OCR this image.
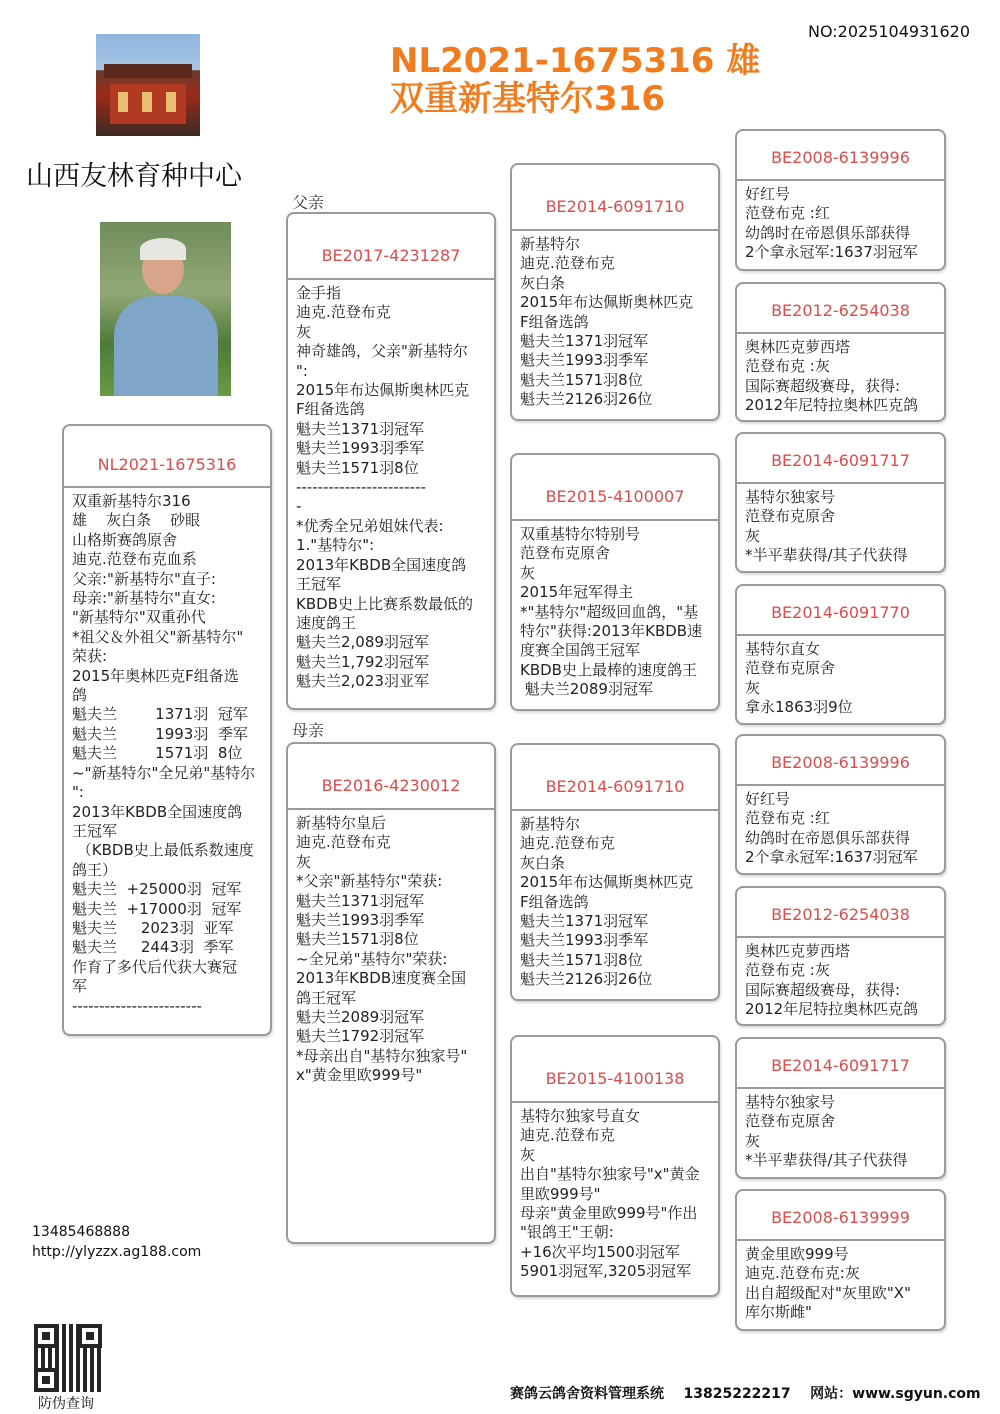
NO:2025104931620
NL2021-1675316 雄
双重新基特尔316
山西友林育种中心
NL2021-1675316
双重新基特尔316
雄    灰白条    砂眼
山格斯赛鸽原舍
迪克.范登布克血系
父亲:"新基特尔"直子:
母亲:"新基特尔"直女:
"新基特尔"双重孙代
*祖父＆外祖父"新基特尔"
荣获:
2015年奥林匹克F组备选
鸽
魁夫兰        1371羽  冠军
魁夫兰        1993羽  季军
魁夫兰        1571羽  8位
~"新基特尔"全兄弟"基特尔
":
2013年KBDB全国速度鸽
王冠军
（KBDB史上最低系数速度
鸽王）
魁夫兰  +25000羽  冠军
魁夫兰  +17000羽  冠军
魁夫兰     2023羽  亚军
魁夫兰     2443羽  季军
作育了多代后代获大赛冠
军
------------------------
父亲
BE2017-4231287
金手指
迪克.范登布克
灰
神奇雄鸽，父亲"新基特尔
":
2015年布达佩斯奥林匹克
F组备选鸽
魁夫兰1371羽冠军
魁夫兰1993羽季军
魁夫兰1571羽8位
------------------------
-
*优秀全兄弟姐妹代表:
1."基特尔":
2013年KBDB全国速度鸽
王冠军
KBDB史上比赛系数最低的
速度鸽王
魁夫兰2,089羽冠军
魁夫兰1,792羽冠军
魁夫兰2,023羽亚军
母亲
BE2016-4230012
新基特尔皇后
迪克.范登布克
灰
*父亲"新基特尔"荣获:
魁夫兰1371羽冠军
魁夫兰1993羽季军
魁夫兰1571羽8位
~全兄弟"基特尔"荣获:
2013年KBDB速度赛全国
鸽王冠军
魁夫兰2089羽冠军
魁夫兰1792羽冠军
*母亲出自"基特尔独家号"
x"黄金里欧999号"
BE2014-6091710
新基特尔
迪克.范登布克
灰白条
2015年布达佩斯奥林匹克
F组备选鸽
魁夫兰1371羽冠军
魁夫兰1993羽季军
魁夫兰1571羽8位
魁夫兰2126羽26位
BE2015-4100007
双重基特尔特别号
范登布克原舍
灰
2015年冠军得主
*"基特尔"超级回血鸽，"基
特尔"获得:2013年KBDB速
度赛全国鸽王冠军
KBDB史上最棒的速度鸽王
魁夫兰2089羽冠军
BE2014-6091710
新基特尔
迪克.范登布克
灰白条
2015年布达佩斯奥林匹克
F组备选鸽
魁夫兰1371羽冠军
魁夫兰1993羽季军
魁夫兰1571羽8位
魁夫兰2126羽26位
BE2015-4100138
基特尔独家号直女
迪克.范登布克
灰
出自"基特尔独家号"x"黄金
里欧999号"
母亲"黄金里欧999号"作出
"银鸽王"王朝:
+16次平均1500羽冠军
5901羽冠军,3205羽冠军
BE2008-6139996
好红号
范登布克 :红
幼鸽时在帝恩俱乐部获得
2个拿永冠军:1637羽冠军
BE2012-6254038
奥林匹克萝西塔
范登布克 :灰
国际赛超级赛母，获得:
2012年尼特拉奥林匹克鸽
BE2014-6091717
基特尔独家号
范登布克原舍
灰
*半平辈获得/其子代获得
BE2014-6091770
基特尔直女
范登布克原舍
灰
拿永1863羽9位
BE2008-6139996
好红号
范登布克 :红
幼鸽时在帝恩俱乐部获得
2个拿永冠军:1637羽冠军
BE2012-6254038
奥林匹克萝西塔
范登布克 :灰
国际赛超级赛母，获得:
2012年尼特拉奥林匹克鸽
BE2014-6091717
基特尔独家号
范登布克原舍
灰
*半平辈获得/其子代获得
BE2008-6139999
黄金里欧999号
迪克.范登布克:灰
出自超级配对"灰里欧"X"
库尔斯雌"
13485468888
http://ylyzzx.ag188.com
防伪查询
赛鸽云鸽舍资料管理系统    13825222217    网站：www.sgyun.com
